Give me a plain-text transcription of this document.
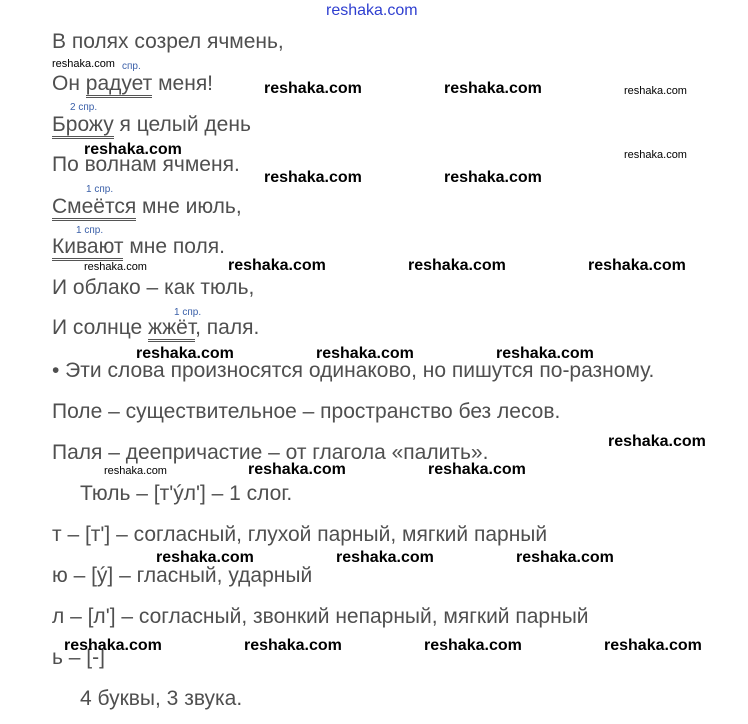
reshaka.com
В полях созрел ячмень,
Он радует меня!
Брожу я целый день
По волнам ячменя.
Смеётся мне июль,
Кивают мне поля.
И облако – как тюль,
И солнце жжёт, паля.
спр.
2 спр.
1 спр.
1 спр.
1 спр.
• Эти слова произносятся одинаково, но пишутся по-разному.
Поле – существительное – пространство без лесов.
Паля – деепричастие – от глагола «палить».
Тюль – [т'ýл'] – 1 слог.
т – [т'] – согласный, глухой парный, мягкий парный
ю – [ý] – гласный, ударный
л – [л'] – согласный, звонкий непарный, мягкий парный
ь – [-]
4 буквы, 3 звука.
reshaka.com	reshaka.com
reshaka.com
reshaka.com	reshaka.com
reshaka.com	reshaka.com	reshaka.com
reshaka.com	reshaka.com	reshaka.com
reshaka.com
reshaka.com	reshaka.com
reshaka.com	reshaka.com	reshaka.com
reshaka.com	reshaka.com	reshaka.com	reshaka.com
reshaka.com
reshaka.com
reshaka.com
reshaka.com
reshaka.com
